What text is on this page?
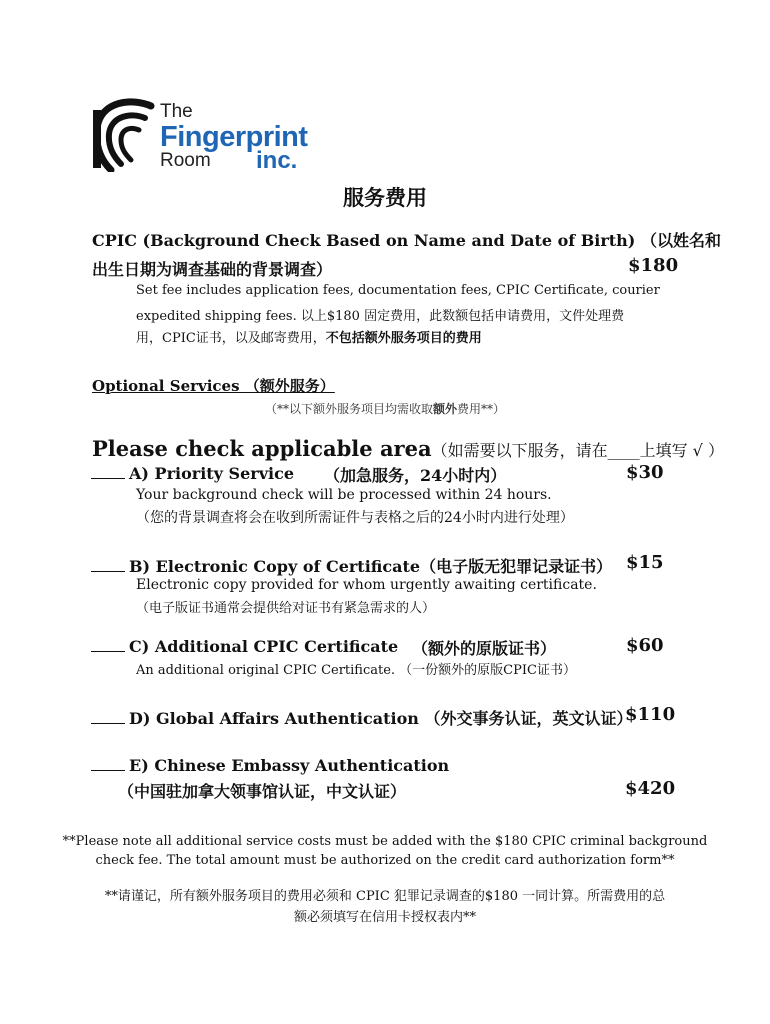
The
Fingerprint
Room inc.
服务费用
CPIC (Background Check Based on Name and Date of Birth) （以姓名和
出生日期为调查基础的背景调查）	$180
Set fee includes application fees, documentation fees, CPIC Certificate, courier
expedited shipping fees. 以上$180 固定费用，此数额包括申请费用，文件处理费
用，CPIC证书，以及邮寄费用，不包括额外服务项目的费用
Optional Services （额外服务）
（**以下额外服务项目均需收取额外费用**）
Please check applicable area（如需要以下服务，请在____上填写 √ ）
A) Priority Service （加急服务，24小时内）	$30
Your background check will be processed within 24 hours.
（您的背景调查将会在收到所需证件与表格之后的24小时内进行处理）
B) Electronic Copy of Certificate（电子版无犯罪记录证书） $15
Electronic copy provided for whom urgently awaiting certificate.
（电子版证书通常会提供给对证书有紧急需求的人）
C) Additional CPIC Certificate （额外的原版证书）	$60
An additional original CPIC Certificate. （一份额外的原版CPIC证书）
D) Global Affairs Authentication （外交事务认证，英文认证）
$110
E) Chinese Embassy Authentication
（中国驻加拿大领事馆认证，中文认证）	$420
**Please note all additional service costs must be added with the $180 CPIC criminal background
check fee. The total amount must be authorized on the credit card authorization form**
**请谨记，所有额外服务项目的费用必须和 CPIC 犯罪记录调查的$180 一同计算。所需费用的总
额必须填写在信用卡授权表内**
